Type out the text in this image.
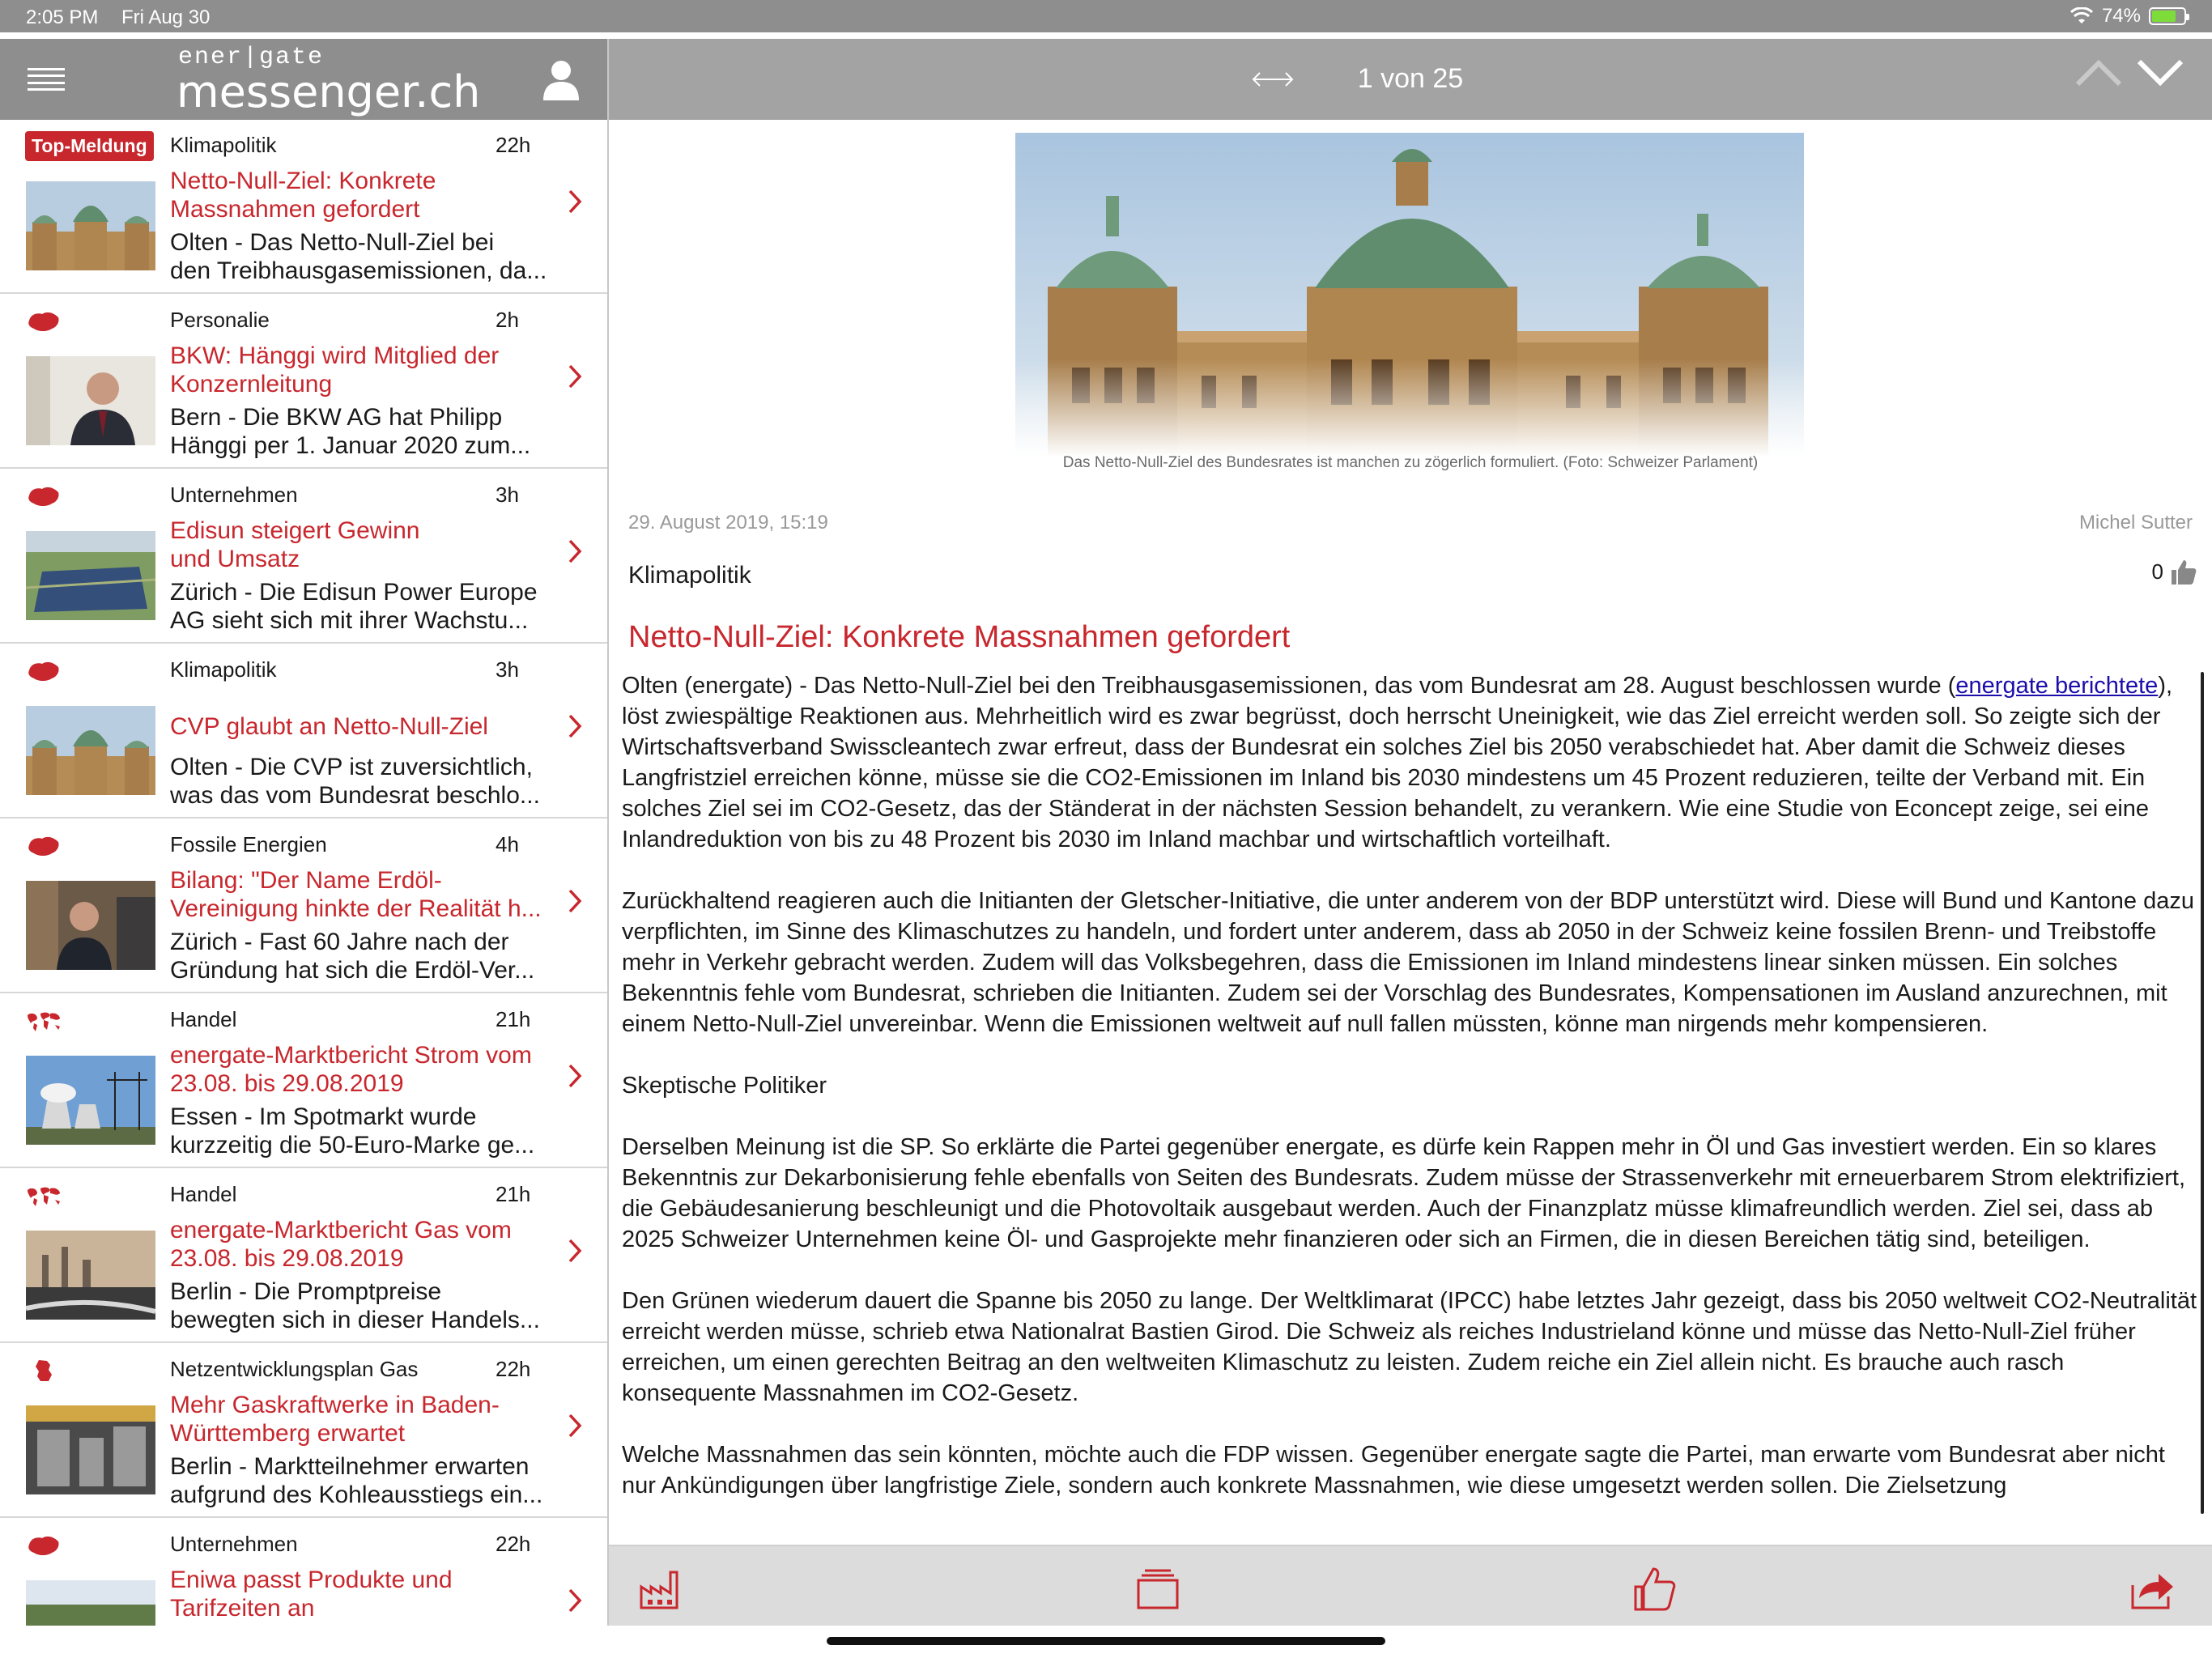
2:05 PM Fri Aug 30	74%
ener|gate
messenger.ch	1 von 25
Top-Meldung	Klimapolitik	22h
Netto-Null-Ziel: Konkrete
Massnahmen gefordert
Olten - Das Netto-Null-Ziel bei
den Treibhausgasemissionen, da...
Personalie	2h
BKW: Hänggi wird Mitglied der
Konzernleitung
Bern - Die BKW AG hat Philipp
Hänggi per 1. Januar 2020 zum...
Unternehmen	3h
Edisun steigert Gewinn
und Umsatz
Zürich - Die Edisun Power Europe
AG sieht sich mit ihrer Wachstu...
Klimapolitik	3h
CVP glaubt an Netto-Null-Ziel
Olten - Die CVP ist zuversichtlich,
was das vom Bundesrat beschlo...
Fossile Energien	4h
Bilang: "Der Name Erdöl-
Vereinigung hinkte der Realität h...
Zürich - Fast 60 Jahre nach der
Gründung hat sich die Erdöl-Ver...
Handel	21h
energate-Marktbericht Strom vom
23.08. bis 29.08.2019
Essen - Im Spotmarkt wurde
kurzzeitig die 50-Euro-Marke ge...
Handel	21h
energate-Marktbericht Gas vom
23.08. bis 29.08.2019
Berlin - Die Promptpreise
bewegten sich in dieser Handels...
Netzentwicklungsplan Gas	22h
Mehr Gaskraftwerke in Baden-
Württemberg erwartet
Berlin - Marktteilnehmer erwarten
aufgrund des Kohleausstiegs ein...
Unternehmen	22h
Eniwa passt Produkte und
Tarifzeiten an
Das Netto-Null-Ziel des Bundesrates ist manchen zu zögerlich formuliert. (Foto: Schweizer Parlament)
29. August 2019, 15:19	Michel Sutter
Klimapolitik	0
Netto-Null-Ziel: Konkrete Massnahmen gefordert

Olten (energate) - Das Netto-Null-Ziel bei den Treibhausgasemissionen, das vom Bundesrat am 28. August beschlossen wurde (energate berichtete), löst zwiespältige Reaktionen aus. Mehrheitlich wird es zwar begrüsst, doch herrscht Uneinigkeit, wie das Ziel erreicht werden soll. So zeigte sich der Wirtschaftsverband Swisscleantech zwar erfreut, dass der Bundesrat ein solches Ziel bis 2050 verabschiedet hat. Aber damit die Schweiz dieses Langfristziel erreichen könne, müsse sie die CO2-Emissionen im Inland bis 2030 mindestens um 45 Prozent reduzieren, teilte der Verband mit. Ein solches Ziel sei im CO2-Gesetz, das der Ständerat in der nächsten Session behandelt, zu verankern. Wie eine Studie von Econcept zeige, sei eine Inlandreduktion von bis zu 48 Prozent bis 2030 im Inland machbar und wirtschaftlich vorteilhaft.

Zurückhaltend reagieren auch die Initianten der Gletscher-Initiative, die unter anderem von der BDP unterstützt wird. Diese will Bund und Kantone dazu verpflichten, im Sinne des Klimaschutzes zu handeln, und fordert unter anderem, dass ab 2050 in der Schweiz keine fossilen Brenn- und Treibstoffe mehr in Verkehr gebracht werden. Zudem will das Volksbegehren, dass die Emissionen im Inland mindestens linear sinken müssen. Ein solches Bekenntnis fehle vom Bundesrat, schrieben die Initianten. Zudem sei der Vorschlag des Bundesrates, Kompensationen im Ausland anzurechnen, mit einem Netto-Null-Ziel unvereinbar. Wenn die Emissionen weltweit auf null fallen müssten, könne man nirgends mehr kompensieren.

Skeptische Politiker

Derselben Meinung ist die SP. So erklärte die Partei gegenüber energate, es dürfe kein Rappen mehr in Öl und Gas investiert werden. Ein so klares Bekenntnis zur Dekarbonisierung fehle ebenfalls von Seiten des Bundesrats. Zudem müsse der Strassenverkehr mit erneuerbarem Strom elektrifiziert, die Gebäudesanierung beschleunigt und die Photovoltaik ausgebaut werden. Auch der Finanzplatz müsse klimafreundlich werden. Ziel sei, dass ab 2025 Schweizer Unternehmen keine Öl- und Gasprojekte mehr finanzieren oder sich an Firmen, die in diesen Bereichen tätig sind, beteiligen.

Den Grünen wiederum dauert die Spanne bis 2050 zu lange. Der Weltklimarat (IPCC) habe letztes Jahr gezeigt, dass bis 2050 weltweit CO2-Neutralität erreicht werden müsse, schrieb etwa Nationalrat Bastien Girod. Die Schweiz als reiches Industrieland könne und müsse das Netto-Null-Ziel früher erreichen, um einen gerechten Beitrag an den weltweiten Klimaschutz zu leisten. Zudem reiche ein Ziel allein nicht. Es brauche auch rasch konsequente Massnahmen im CO2-Gesetz.

Welche Massnahmen das sein könnten, möchte auch die FDP wissen. Gegenüber energate sagte die Partei, man erwarte vom Bundesrat aber nicht nur Ankündigungen über langfristige Ziele, sondern auch konkrete Massnahmen, wie diese umgesetzt werden sollen. Die Zielsetzung
